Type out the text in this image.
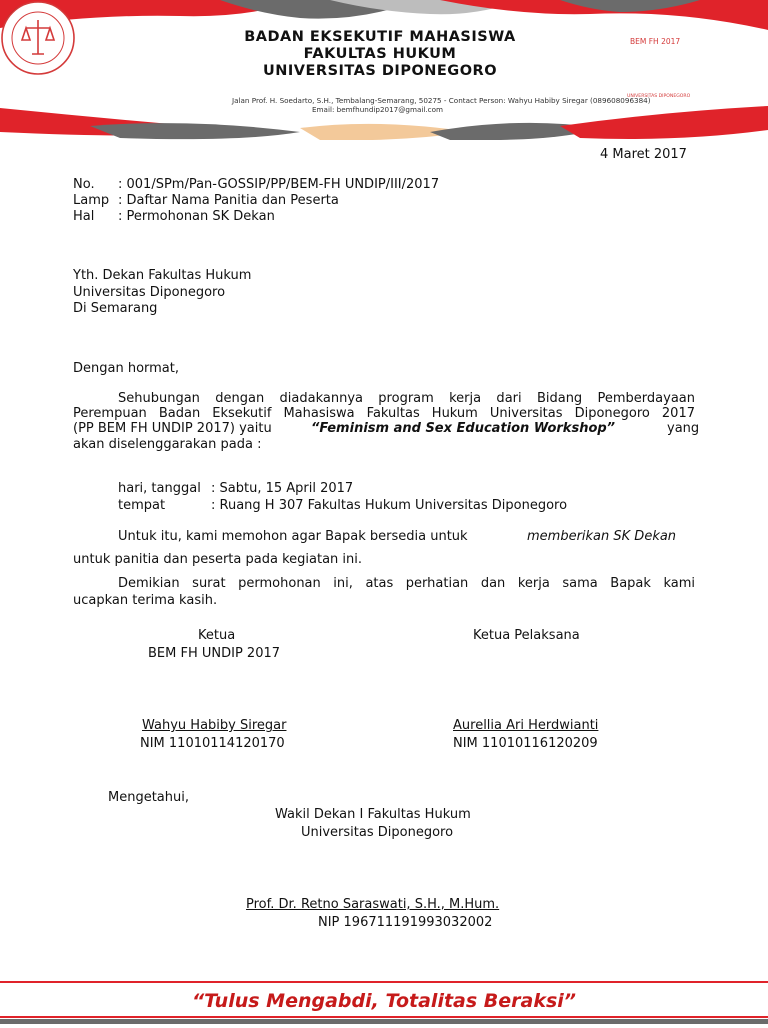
SEMARANG
BEM FH 2017
UNIVERSITAS DIPONEGORO
BADAN EKSEKUTIF MAHASISWA
FAKULTAS HUKUM
UNIVERSITAS DIPONEGORO
Jalan Prof. H. Soedarto, S.H., Tembalang-Semarang, 50275 - Contact Person: Wahyu Habiby Siregar (089608096384)
Email: bemfhundip2017@gmail.com
4 Maret 2017
No. : 001/SPm/Pan-GOSSIP/PP/BEM-FH UNDIP/III/2017
Lamp : Daftar Nama Panitia dan Peserta
Hal : Permohonan SK Dekan
Yth. Dekan Fakultas Hukum
Universitas Diponegoro
Di Semarang
Dengan hormat,
Sehubungan dengan diadakannya program kerja dari Bidang Pemberdayaan
Perempuan Badan Eksekutif Mahasiswa Fakultas Hukum Universitas Diponegoro 2017
(PP BEM FH UNDIP 2017) yaitu	“Feminism and Sex Education Workshop”	yang
akan diselenggarakan pada :
hari, tanggal : Sabtu, 15 April 2017
tempat	: Ruang H 307 Fakultas Hukum Universitas Diponegoro
Untuk itu, kami memohon agar Bapak bersedia untuk	memberikan SK Dekan
untuk panitia dan peserta pada kegiatan ini.
Demikian surat permohonan ini, atas perhatian dan kerja sama Bapak kami
ucapkan terima kasih.
Ketua
BEM FH UNDIP 2017
Ketua Pelaksana
Wahyu Habiby Siregar
NIM 11010114120170
Aurellia Ari Herdwianti
NIM 11010116120209
Mengetahui,
Wakil Dekan I Fakultas Hukum
Universitas Diponegoro
Prof. Dr. Retno Saraswati, S.H., M.Hum.
NIP 196711191993032002
“Tulus Mengabdi, Totalitas Beraksi”
